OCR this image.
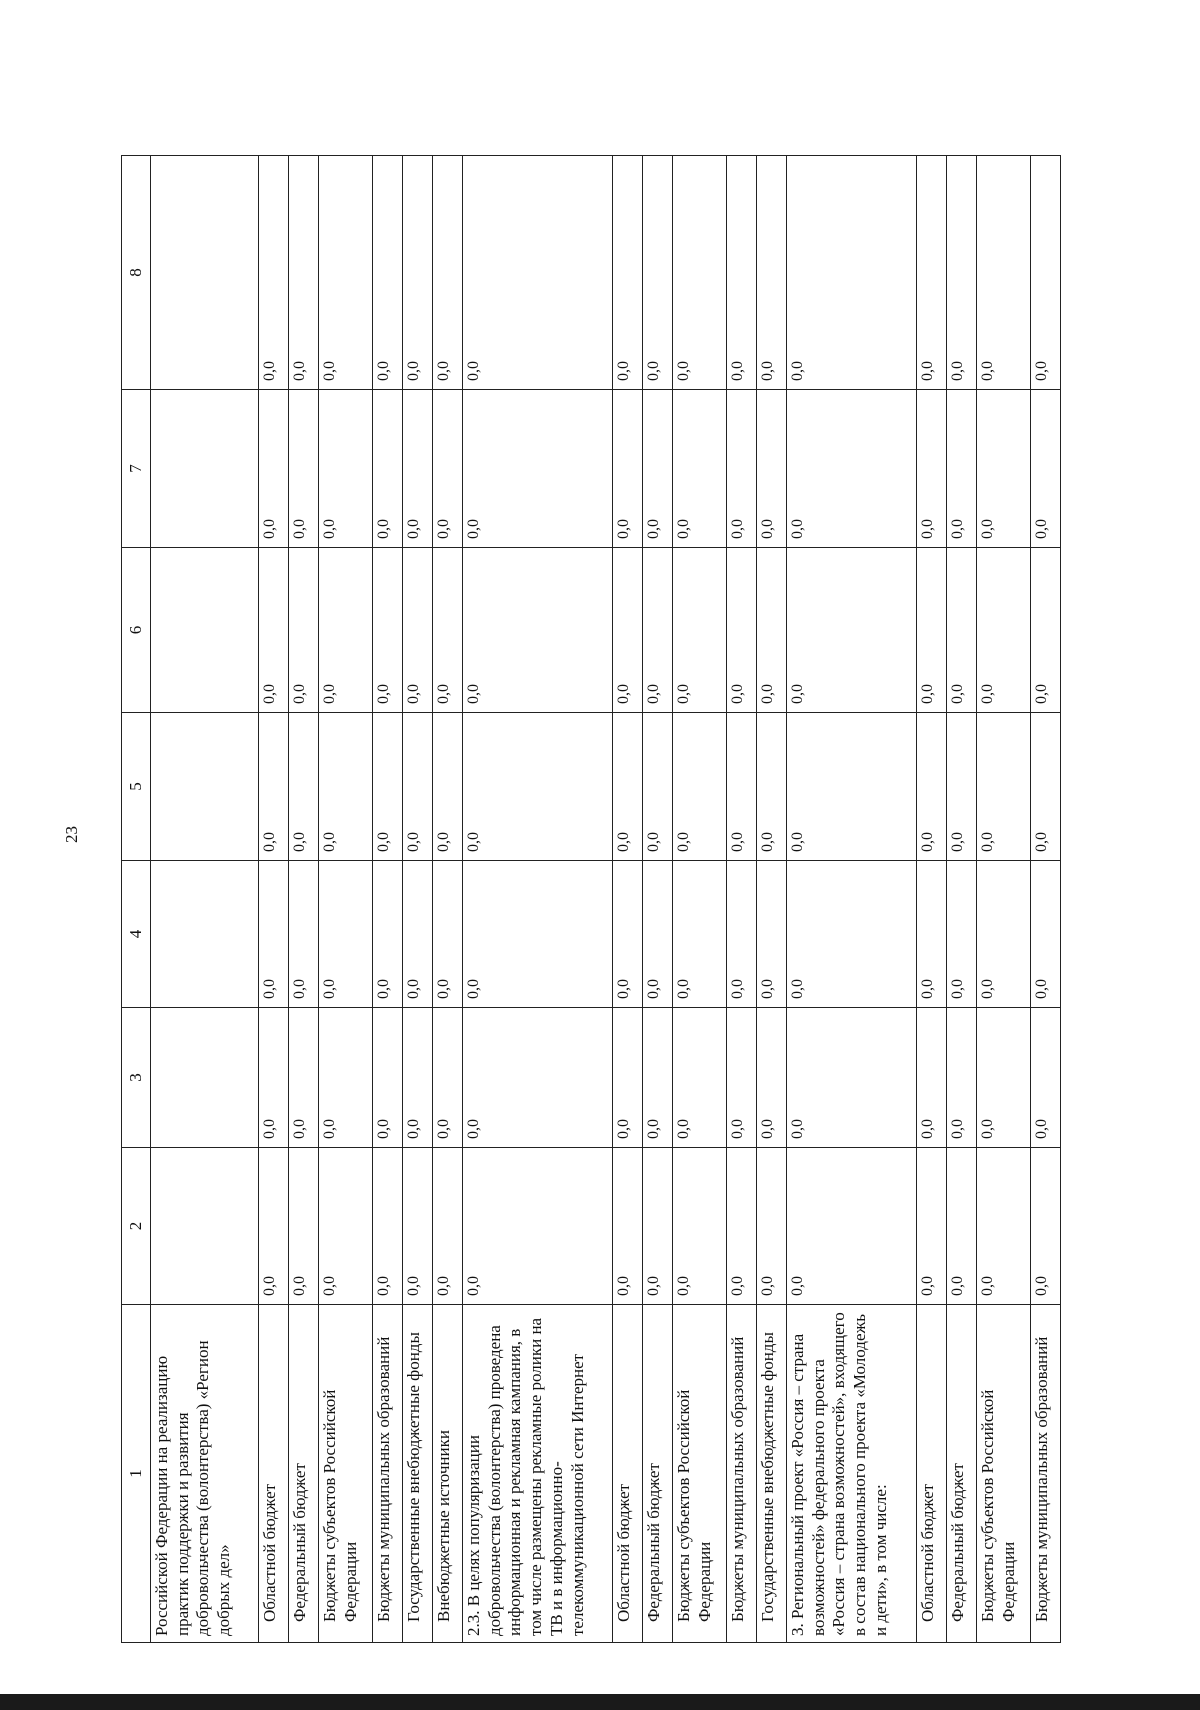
23
1	2	3	4	5	6	7	8
Российской Федерации на реализацию практик поддержки и развития добровольчества (волонтерства) «Регион добрых дел»							
Областной бюджет	0,0	0,0	0,0	0,0	0,0	0,0	0,0
Федеральный бюджет	0,0	0,0	0,0	0,0	0,0	0,0	0,0
Бюджеты субъектов Российской Федерации	0,0	0,0	0,0	0,0	0,0	0,0	0,0
Бюджеты муниципальных образований	0,0	0,0	0,0	0,0	0,0	0,0	0,0
Государственные внебюджетные фонды	0,0	0,0	0,0	0,0	0,0	0,0	0,0
Внебюджетные источники	0,0	0,0	0,0	0,0	0,0	0,0	0,0
2.3. В целях популяризации добровольчества (волонтерства) проведена информационная и рекламная кампания, в том числе размещены рекламные ролики на ТВ и в информационно-телекоммуникационной сети Интернет	0,0	0,0	0,0	0,0	0,0	0,0	0,0
Областной бюджет	0,0	0,0	0,0	0,0	0,0	0,0	0,0
Федеральный бюджет	0,0	0,0	0,0	0,0	0,0	0,0	0,0
Бюджеты субъектов Российской Федерации	0,0	0,0	0,0	0,0	0,0	0,0	0,0
Бюджеты муниципальных образований	0,0	0,0	0,0	0,0	0,0	0,0	0,0
Государственные внебюджетные фонды	0,0	0,0	0,0	0,0	0,0	0,0	0,0
3. Региональный проект «Россия – страна возможностей» федерального проекта «Россия – страна возможностей», входящего в состав национального проекта «Молодежь и дети», в том числе:	0,0	0,0	0,0	0,0	0,0	0,0	0,0
Областной бюджет	0,0	0,0	0,0	0,0	0,0	0,0	0,0
Федеральный бюджет	0,0	0,0	0,0	0,0	0,0	0,0	0,0
Бюджеты субъектов Российской Федерации	0,0	0,0	0,0	0,0	0,0	0,0	0,0
Бюджеты муниципальных образований	0,0	0,0	0,0	0,0	0,0	0,0	0,0
